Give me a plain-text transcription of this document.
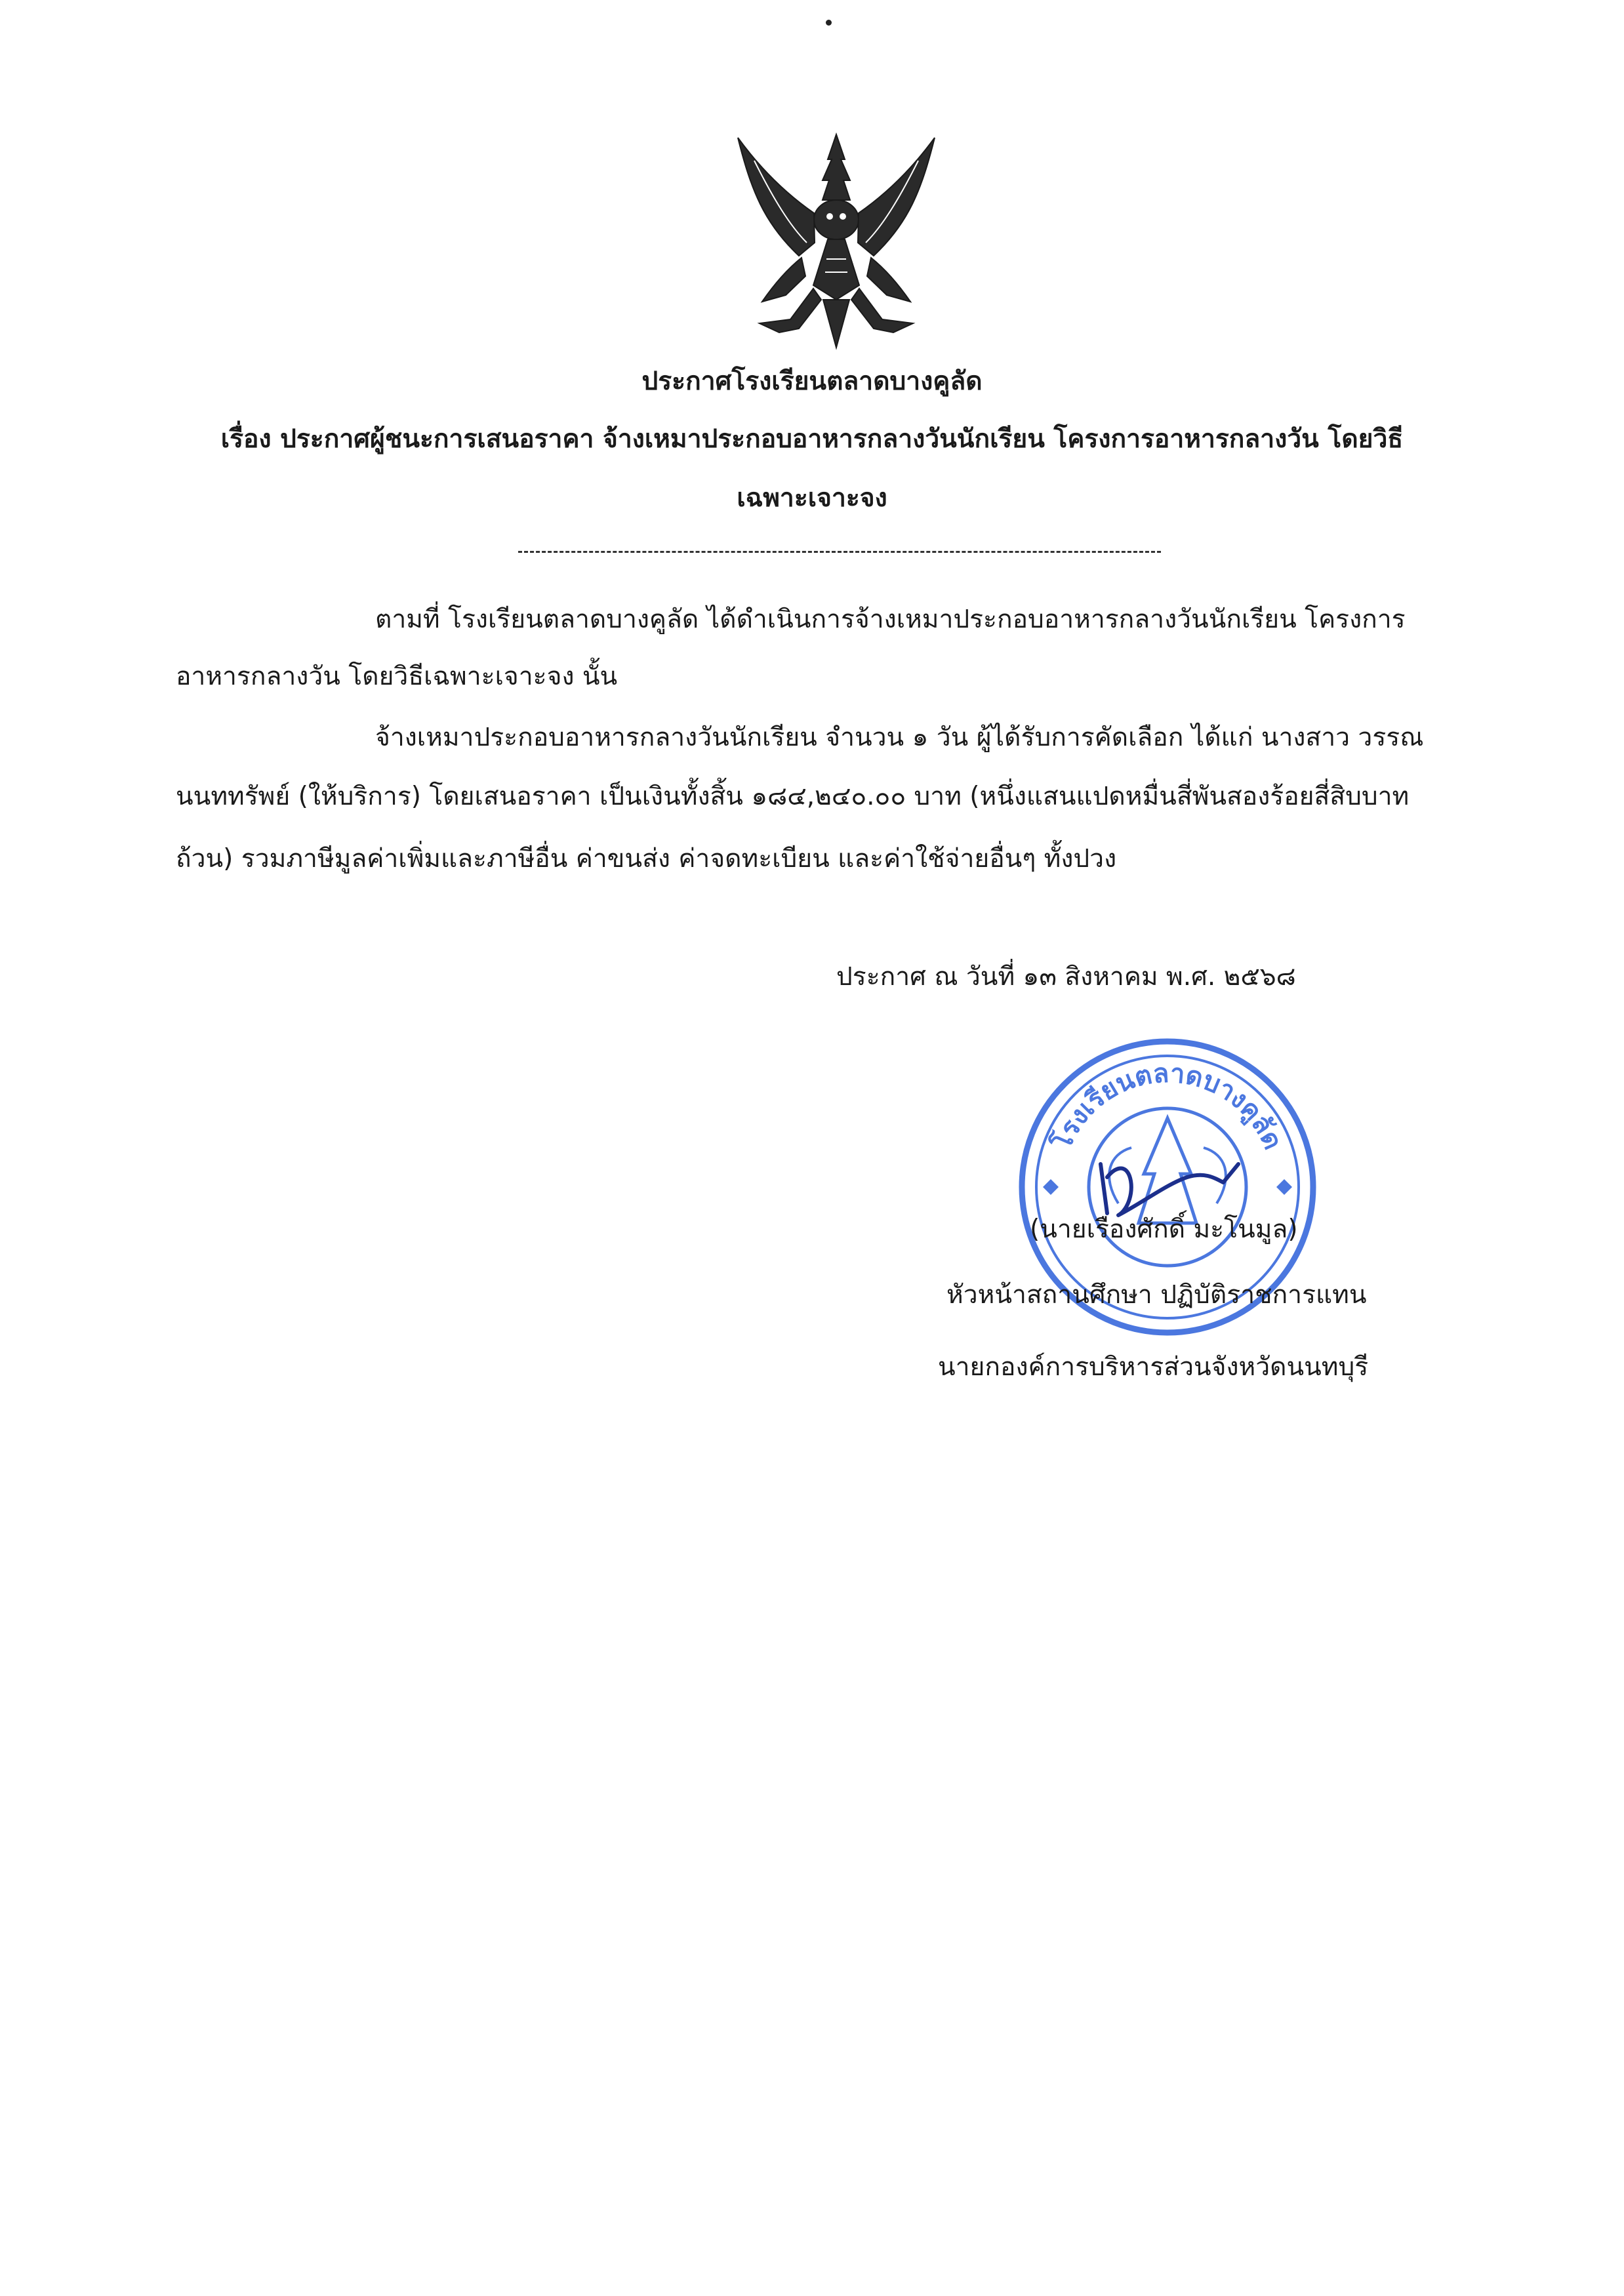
ประกาศโรงเรียนตลาดบางคูลัด
เรื่อง ประกาศผู้ชนะการเสนอราคา จ้างเหมาประกอบอาหารกลางวันนักเรียน โครงการอาหารกลางวัน โดยวิธี
เฉพาะเจาะจง
ตามที่ โรงเรียนตลาดบางคูลัด ได้ดำเนินการจ้างเหมาประกอบอาหารกลางวันนักเรียน โครงการ
อาหารกลางวัน โดยวิธีเฉพาะเจาะจง นั้น
จ้างเหมาประกอบอาหารกลางวันนักเรียน จำนวน ๑ วัน ผู้ได้รับการคัดเลือก ได้แก่ นางสาว วรรณ
นนททรัพย์ (ให้บริการ) โดยเสนอราคา เป็นเงินทั้งสิ้น ๑๘๔,๒๔๐.๐๐ บาท (หนึ่งแสนแปดหมื่นสี่พันสองร้อยสี่สิบบาท
ถ้วน) รวมภาษีมูลค่าเพิ่มและภาษีอื่น ค่าขนส่ง ค่าจดทะเบียน และค่าใช้จ่ายอื่นๆ ทั้งปวง
ประกาศ ณ วันที่ ๑๓ สิงหาคม พ.ศ. ๒๕๖๘
โรงเรียนตลาดบางคูลัด
(นายเรืองศักดิ์ มะโนมูล)
หัวหน้าสถานศึกษา ปฏิบัติราชการแทน
นายกองค์การบริหารส่วนจังหวัดนนทบุรี
